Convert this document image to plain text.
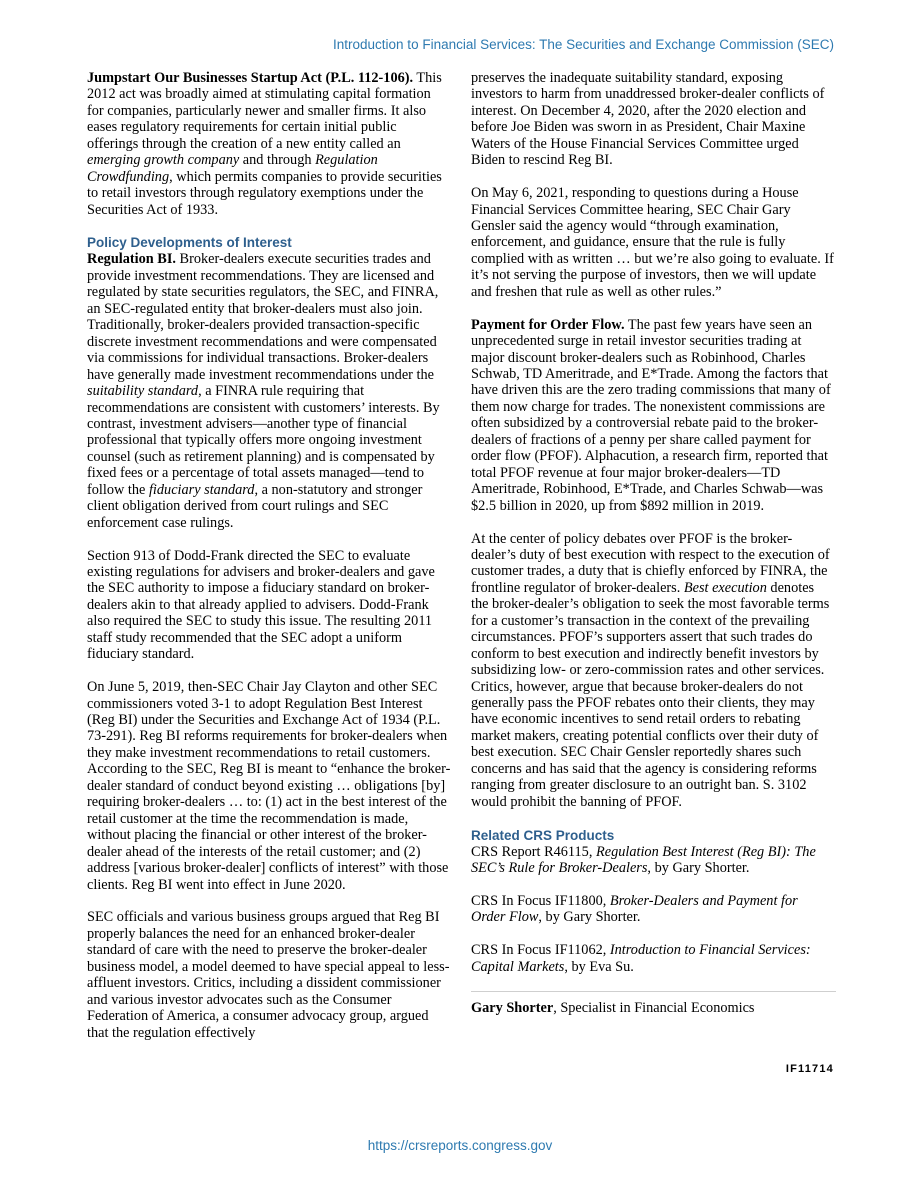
Introduction to Financial Services: The Securities and Exchange Commission (SEC)

Jumpstart Our Businesses Startup Act (P.L. 112-106). This 2012 act was broadly aimed at stimulating capital formation for companies, particularly newer and smaller firms. It also eases regulatory requirements for certain initial public offerings through the creation of a new entity called an emerging growth company and through Regulation Crowdfunding, which permits companies to provide securities to retail investors through regulatory exemptions under the Securities Act of 1933.

Policy Developments of Interest

Regulation BI. Broker-dealers execute securities trades and provide investment recommendations. They are licensed and regulated by state securities regulators, the SEC, and FINRA, an SEC-regulated entity that broker-dealers must also join. Traditionally, broker-dealers provided transaction-specific discrete investment recommendations and were compensated via commissions for individual transactions. Broker-dealers have generally made investment recommendations under the suitability standard, a FINRA rule requiring that recommendations are consistent with customers’ interests. By contrast, investment advisers—another type of financial professional that typically offers more ongoing investment counsel (such as retirement planning) and is compensated by fixed fees or a percentage of total assets managed—tend to follow the fiduciary standard, a non-statutory and stronger client obligation derived from court rulings and SEC enforcement case rulings.

Section 913 of Dodd-Frank directed the SEC to evaluate existing regulations for advisers and broker-dealers and gave the SEC authority to impose a fiduciary standard on broker-dealers akin to that already applied to advisers. Dodd-Frank also required the SEC to study this issue. The resulting 2011 staff study recommended that the SEC adopt a uniform fiduciary standard.

On June 5, 2019, then-SEC Chair Jay Clayton and other SEC commissioners voted 3-1 to adopt Regulation Best Interest (Reg BI) under the Securities and Exchange Act of 1934 (P.L. 73-291). Reg BI reforms requirements for broker-dealers when they make investment recommendations to retail customers. According to the SEC, Reg BI is meant to “enhance the broker-dealer standard of conduct beyond existing … obligations [by] requiring broker-dealers … to: (1) act in the best interest of the retail customer at the time the recommendation is made, without placing the financial or other interest of the broker-dealer ahead of the interests of the retail customer; and (2) address [various broker-dealer] conflicts of interest” with those clients. Reg BI went into effect in June 2020.

SEC officials and various business groups argued that Reg BI properly balances the need for an enhanced broker-dealer standard of care with the need to preserve the broker-dealer business model, a model deemed to have special appeal to less-affluent investors. Critics, including a dissident commissioner and various investor advocates such as the Consumer Federation of America, a consumer advocacy group, argued that the regulation effectively

preserves the inadequate suitability standard, exposing investors to harm from unaddressed broker-dealer conflicts of interest. On December 4, 2020, after the 2020 election and before Joe Biden was sworn in as President, Chair Maxine Waters of the House Financial Services Committee urged Biden to rescind Reg BI.

On May 6, 2021, responding to questions during a House Financial Services Committee hearing, SEC Chair Gary Gensler said the agency would “through examination, enforcement, and guidance, ensure that the rule is fully complied with as written … but we’re also going to evaluate. If it’s not serving the purpose of investors, then we will update and freshen that rule as well as other rules.”

Payment for Order Flow. The past few years have seen an unprecedented surge in retail investor securities trading at major discount broker-dealers such as Robinhood, Charles Schwab, TD Ameritrade, and E*Trade. Among the factors that have driven this are the zero trading commissions that many of them now charge for trades. The nonexistent commissions are often subsidized by a controversial rebate paid to the broker-dealers of fractions of a penny per share called payment for order flow (PFOF). Alphacution, a research firm, reported that total PFOF revenue at four major broker-dealers—TD Ameritrade, Robinhood, E*Trade, and Charles Schwab—was $2.5 billion in 2020, up from $892 million in 2019.

At the center of policy debates over PFOF is the broker-dealer’s duty of best execution with respect to the execution of customer trades, a duty that is chiefly enforced by FINRA, the frontline regulator of broker-dealers. Best execution denotes the broker-dealer’s obligation to seek the most favorable terms for a customer’s transaction in the context of the prevailing circumstances. PFOF’s supporters assert that such trades do conform to best execution and indirectly benefit investors by subsidizing low- or zero-commission rates and other services. Critics, however, argue that because broker-dealers do not generally pass the PFOF rebates onto their clients, they may have economic incentives to send retail orders to rebating market makers, creating potential conflicts over their duty of best execution. SEC Chair Gensler reportedly shares such concerns and has said that the agency is considering reforms ranging from greater disclosure to an outright ban. S. 3102 would prohibit the banning of PFOF.

Related CRS Products

CRS Report R46115, Regulation Best Interest (Reg BI): The SEC’s Rule for Broker-Dealers, by Gary Shorter.

CRS In Focus IF11800, Broker-Dealers and Payment for Order Flow, by Gary Shorter.

CRS In Focus IF11062, Introduction to Financial Services: Capital Markets, by Eva Su.

Gary Shorter, Specialist in Financial Economics

IF11714
https://crsreports.congress.gov
